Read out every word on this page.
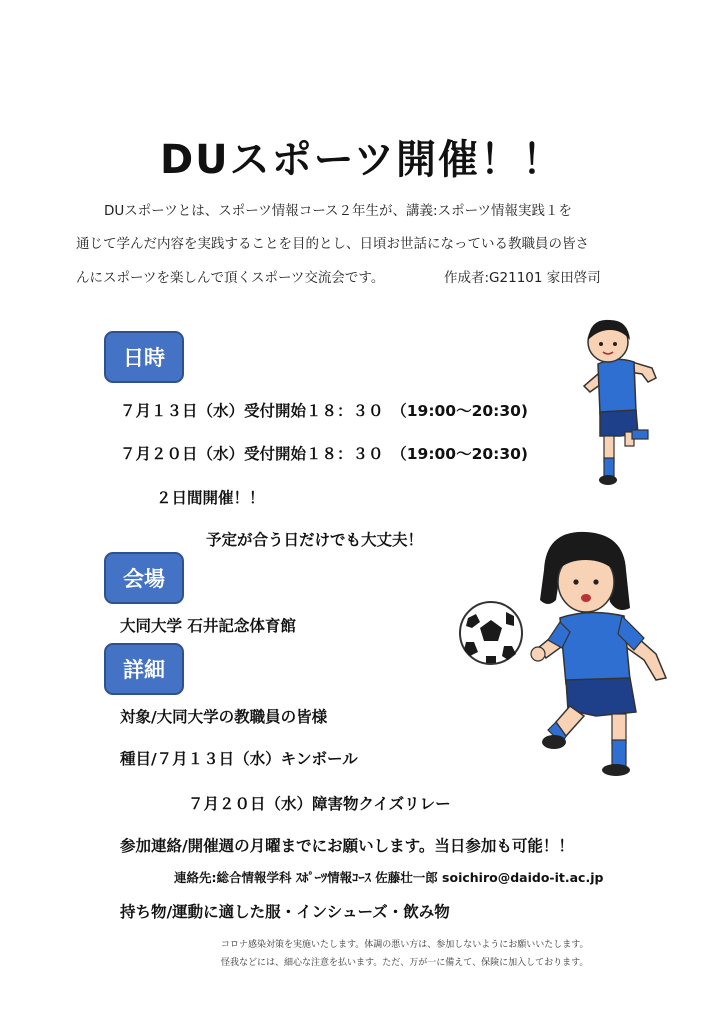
DUスポーツ開催！！
DUスポーツとは、スポーツ情報コース２年生が、講義:スポーツ情報実践１を
通じて学んだ内容を実践することを目的とし、日頃お世話になっている教職員の皆さ
んにスポーツを楽しんで頂くスポーツ交流会です。	作成者:G21101 家田啓司
日時
７月１３日（水）受付開始１８：３０　（19:00～20:30)
７月２０日（水）受付開始１８：３０　（19:00～20:30)
２日間開催！！
予定が合う日だけでも大丈夫！
会場
大同大学 石井記念体育館
詳細
対象/大同大学の教職員の皆様
種目/７月１３日（水）キンボール
７月２０日（水）障害物クイズリレー
参加連絡/開催週の月曜までにお願いします。当日参加も可能！！
連絡先:総合情報学科 ｽﾎﾟｰﾂ情報ｺｰｽ 佐藤壮一郎 soichiro@daido-it.ac.jp
持ち物/運動に適した服・インシューズ・飲み物
コロナ感染対策を実施いたします。体調の悪い方は、参加しないようにお願いいたします。
怪我などには、細心な注意を払います。ただ、万が一に備えて、保険に加入しております。
